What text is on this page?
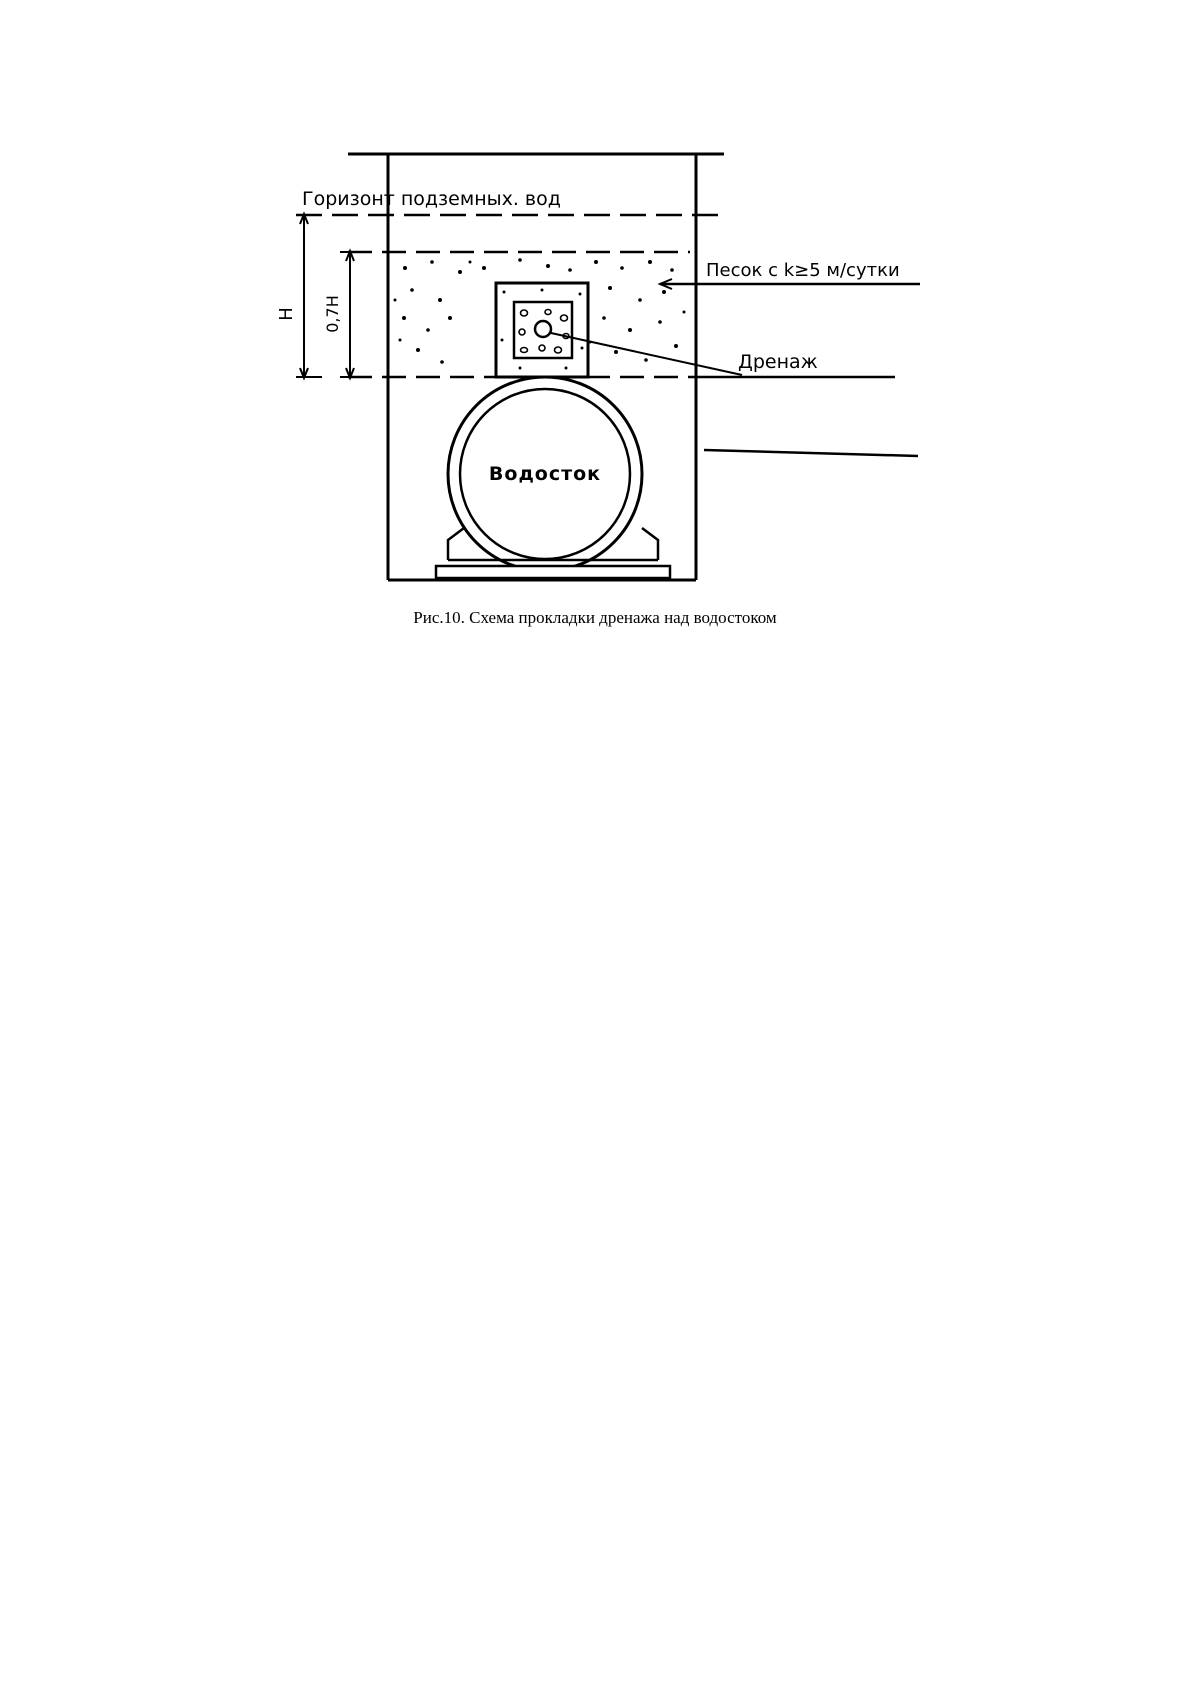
H 0,7H
Горизонт подземных. вод
Песок с k≥5 м/сутки
Дренаж
Водосток
Рис.10. Схема прокладки дренажа над водостоком
